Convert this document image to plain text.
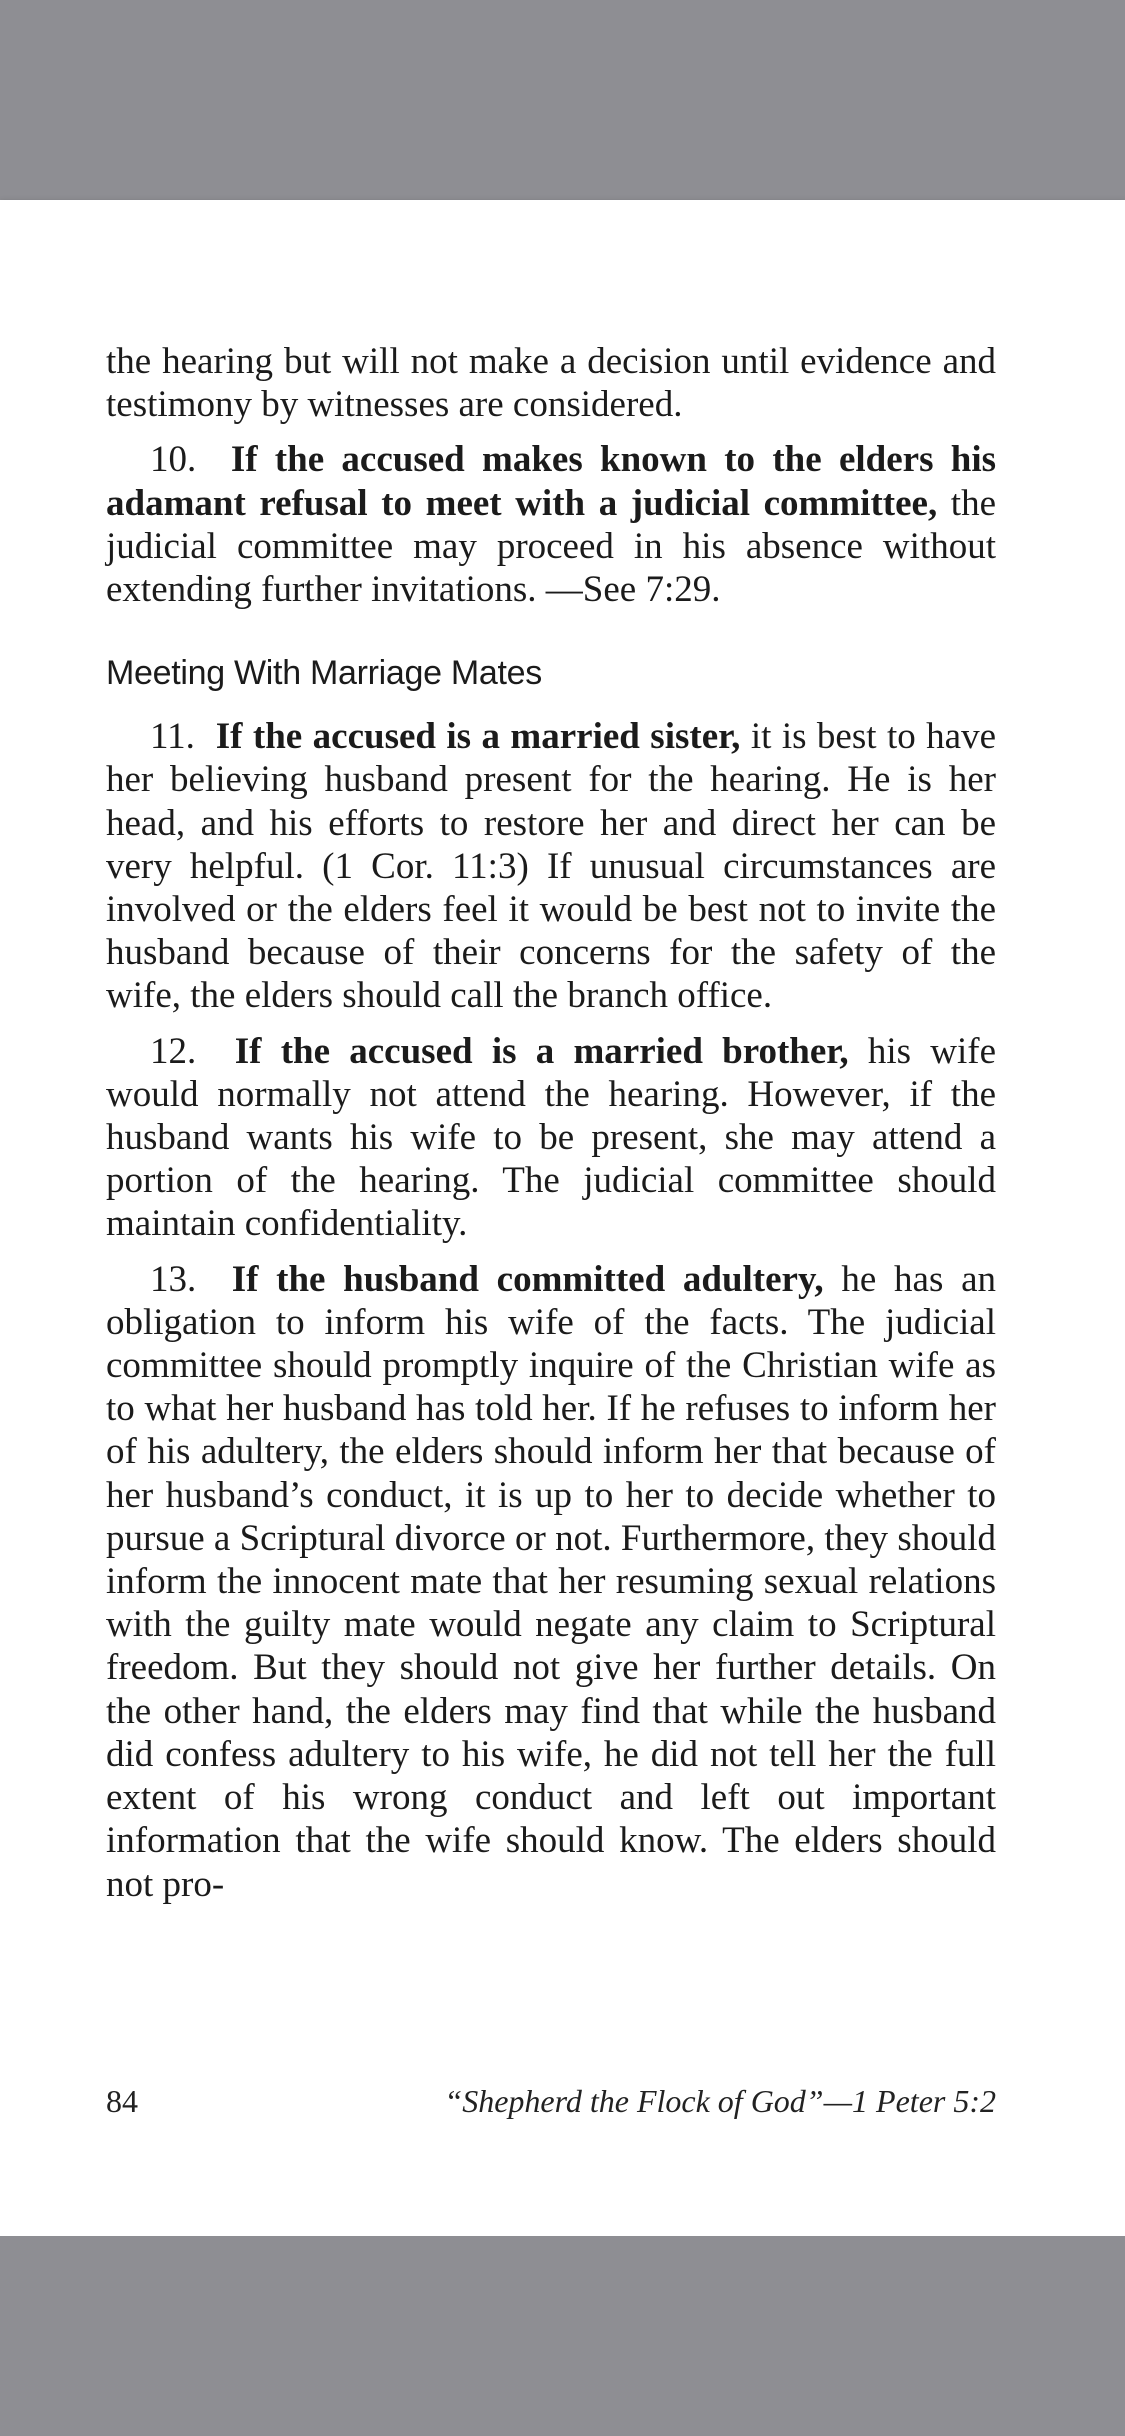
the hearing but will not make a decision until evidence and testimony by witnesses are considered.

10. If the accused makes known to the elders his adamant refusal to meet with a judicial committee, the judicial committee may proceed in his absence without extending further invitations. —See 7:29.

Meeting With Marriage Mates

11. If the accused is a married sister, it is best to have her believing husband present for the hearing. He is her head, and his efforts to restore her and direct her can be very helpful. (1 Cor. 11:3) If unusual circumstances are involved or the elders feel it would be best not to invite the husband because of their concerns for the safety of the wife, the elders should call the branch office.

12. If the accused is a married brother, his wife would normally not attend the hearing. However, if the husband wants his wife to be present, she may attend a portion of the hearing. The judicial committee should maintain confidentiality.

13. If the husband committed adultery, he has an obligation to inform his wife of the facts. The judicial committee should promptly inquire of the Christian wife as to what her husband has told her. If he refuses to inform her of his adultery, the elders should inform her that because of her husband’s conduct, it is up to her to decide whether to pursue a Scriptural divorce or not. Furthermore, they should inform the innocent mate that her resuming sexual relations with the guilty mate would negate any claim to Scriptural freedom. But they should not give her further details. On the other hand, the elders may find that while the husband did confess adultery to his wife, he did not tell her the full extent of his wrong conduct and left out important information that the wife should know. The elders should not pro-

84	“Shepherd the Flock of God”—1 Peter 5:2
